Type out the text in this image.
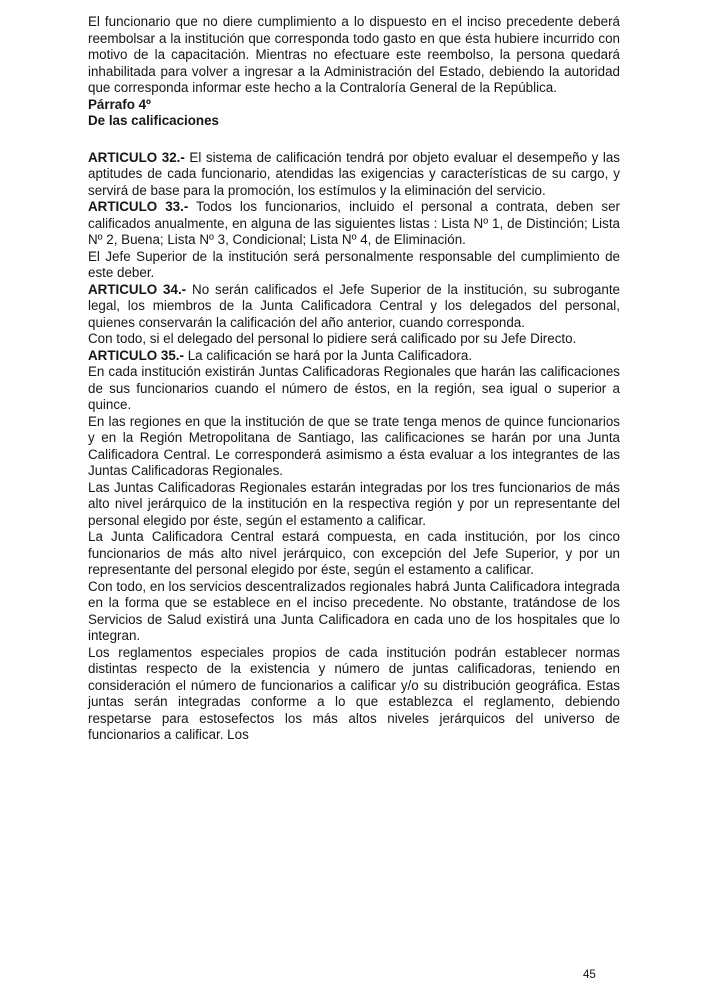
El funcionario que no diere cumplimiento a lo dispuesto en el inciso precedente deberá reembolsar a la institución que corresponda todo gasto en que ésta hubiere incurrido con motivo de la capacitación. Mientras no efectuare este reembolso, la persona quedará inhabilitada para volver a ingresar a la Administración del Estado, debiendo la autoridad que corresponda informar este hecho a la Contraloría General de la República.

Párrafo 4º

De las calificaciones

ARTICULO 32.- El sistema de calificación tendrá por objeto evaluar el desempeño y las aptitudes de cada funcionario, atendidas las exigencias y características de su cargo, y servirá de base para la promoción, los estímulos y la eliminación del servicio.

ARTICULO 33.- Todos los funcionarios, incluido el personal a contrata, deben ser calificados anualmente, en alguna de las siguientes listas : Lista Nº 1, de Distinción; Lista Nº 2, Buena; Lista Nº 3, Condicional; Lista Nº 4, de Eliminación.

El Jefe Superior de la institución será personalmente responsable del cumplimiento de este deber.

ARTICULO 34.- No serán calificados el Jefe Superior de la institución, su subrogante legal, los miembros de la Junta Calificadora Central y los delegados del personal, quienes conservarán la calificación del año anterior, cuando corresponda.

Con todo, si el delegado del personal lo pidiere será calificado por su Jefe Directo.

ARTICULO 35.- La calificación se hará por la Junta Calificadora.

En cada institución existirán Juntas Calificadoras Regionales que harán las calificaciones de sus funcionarios cuando el número de éstos, en la región, sea igual o superior a quince.

En las regiones en que la institución de que se trate tenga menos de quince funcionarios y en la Región Metropolitana de Santiago, las calificaciones se harán por una Junta Calificadora Central. Le corresponderá asimismo a ésta evaluar a los integrantes de las Juntas Calificadoras Regionales.

Las Juntas Calificadoras Regionales estarán integradas por los tres funcionarios de más alto nivel jerárquico de la institución en la respectiva región y por un representante del personal elegido por éste, según el estamento a calificar.

La Junta Calificadora Central estará compuesta, en cada institución, por los cinco funcionarios de más alto nivel jerárquico, con excepción del Jefe Superior, y por un representante del personal elegido por éste, según el estamento a calificar.

Con todo, en los servicios descentralizados regionales habrá Junta Calificadora integrada en la forma que se establece en el inciso precedente. No obstante, tratándose de los Servicios de Salud existirá una Junta Calificadora en cada uno de los hospitales que lo integran.

Los reglamentos especiales propios de cada institución podrán establecer normas distintas respecto de la existencia y número de juntas calificadoras, teniendo en consideración el número de funcionarios a calificar y/o su distribución geográfica. Estas juntas serán integradas conforme a lo que establezca el reglamento, debiendo respetarse para estosefectos los más altos niveles jerárquicos del universo de funcionarios a calificar. Los

45
